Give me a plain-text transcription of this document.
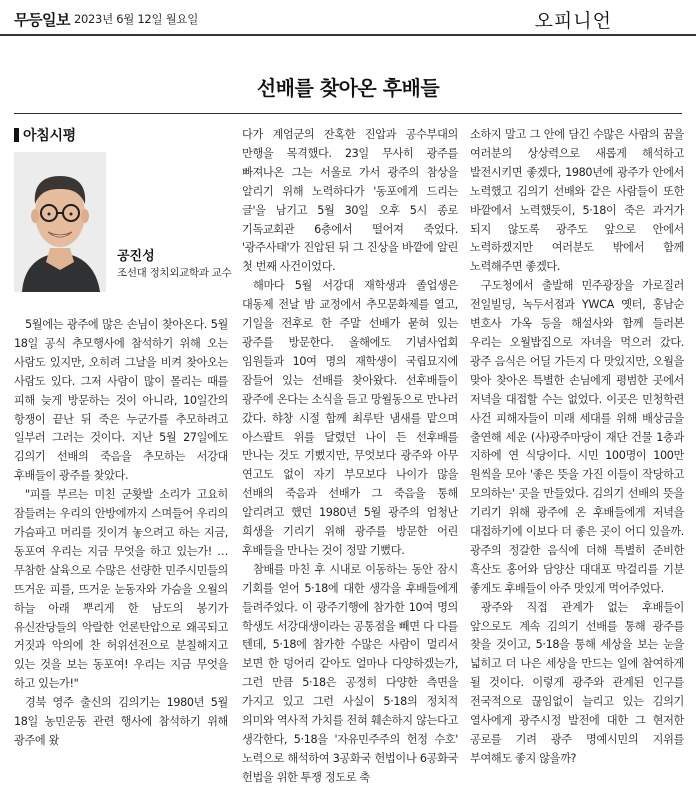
무등일보 2023년 6월 12일 월요일	오피니언
선배를 찾아온 후배들
아침시평
공진성
조선대 정치외교학과 교수

5월에는 광주에 많은 손님이 찾아온다. 5월 18일 공식 추모행사에 참석하기 위해 오는 사람도 있지만, 오히려 그날을 비켜 찾아오는 사람도 있다. 그저 사람이 많이 몰리는 때를 피해 늦게 방문하는 것이 아니라, 10일간의 항쟁이 끝난 뒤 죽은 누군가를 추모하려고 일부러 그러는 것이다. 지난 5월 27일에도 김의기 선배의 죽음을 추모하는 서강대 후배들이 광주를 찾았다.

"피를 부르는 미친 군홧발 소리가 고요히 잠들려는 우리의 안방에까지 스며들어 우리의 가슴파고 머리를 짓이겨 놓으려고 하는 지금, 동포여 우리는 지금 무엇을 하고 있는가! … 무참한 살육으로 수많은 선량한 민주시민들의 뜨거운 피를, 뜨거운 눈동자와 가슴을 오월의 하늘 아래 뿌리게 한 남도의 봉기가 유신잔당들의 악랄한 언론탄압으로 왜곡되고 거짓과 악의에 찬 허위선전으로 분칠해지고 있는 것을 보는 동포여! 우리는 지금 무엇을 하고 있는가!"

경북 영주 출신의 김의기는 1980년 5월 18일 농민운동 관련 행사에 참석하기 위해 광주에 왔

다가 계엄군의 잔혹한 진압과 공수부대의 만행을 목격했다. 23일 무사히 광주를 빠져나온 그는 서울로 가서 광주의 참상을 알리기 위해 노력하다가 '동포에게 드리는 글'을 남기고 5월 30일 오후 5시 종로 기독교회관 6층에서 떨어져 죽었다. '광주사태'가 진압된 뒤 그 진상을 바깥에 알린 첫 번째 사건이었다.

해마다 5월 서강대 재학생과 졸업생은 대동제 전날 밤 교정에서 추모문화제를 열고, 기일을 전후로 한 주말 선배가 묻혀 있는 광주를 방문한다. 올해에도 기념사업회 임원들과 10여 명의 재학생이 국립묘지에 잠들어 있는 선배를 찾아왔다. 선후배들이 광주에 온다는 소식을 듣고 망월동으로 만나러 갔다. 햐창 시절 함께 최루탄 냄새를 맡으며 아스팔트 위를 달렸던 나이 든 선후배를 만나는 것도 기뻤지만, 무엇보다 광주와 아무 연고도 없이 자기 부모보다 나이가 많을 선배의 죽음과 선배가 그 죽음을 통해 알리려고 했던 1980년 5월 광주의 엄청난 희생을 기리기 위해 광주를 방문한 어린 후배들을 만나는 것이 정말 기뻤다.

참배를 마친 후 시내로 이동하는 동안 잠시 기회를 얻어 5·18에 대한 생각을 후배들에게 들려주었다. 이 광주기행에 참가한 10여 명의 학생도 서강대생이라는 공통점을 빼면 다 다를 텐데, 5·18에 참가한 수많은 사람이 멀리서 보면 한 덩어리 같아도 얼마나 다양하겠는가, 그런 만큼 5·18은 공정히 다양한 측면을 가지고 있고 그런 사실이 5·18의 정치적 의미와 역사적 가치를 전혀 훼손하지 않는다고 생각한다, 5·18을 '자유민주주의 헌정 수호' 노력으로 해석하여 3공화국 헌법이나 6공화국 헌법을 위한 투쟁 정도로 축

소하지 말고 그 안에 담긴 수많은 사람의 꿈을 여러분의 상상력으로 새롭게 해석하고 발전시키면 좋겠다, 1980년에 광주가 안에서 노력했고 김의기 선배와 같은 사람들이 또한 바깥에서 노력했듯이, 5·18이 죽은 과거가 되지 않도록 광주도 앞으로 안에서 노력하겠지만 여러분도 밖에서 함께 노력해주면 좋겠다.

구도청에서 출발해 민주광장을 가로질러 전일빌딩, 녹두서점과 YWCA 옛터, 홍남순 변호사 가옥 등을 해설사와 함께 들러본 우리는 오월밥집으로 자녀을 먹으러 갔다. 광주 음식은 어딜 가든지 다 맛있지만, 오월을 맞아 찾아온 특별한 손님에게 평범한 곳에서 저녁을 대접할 수는 없었다. 이곳은 민청학련 사건 피해자들이 미래 세대를 위해 배상금을 출연해 세운 (사)광주마당이 재단 건물 1층과 지하에 연 식당이다. 시민 100명이 100만 원씩을 모아 '좋은 뜻을 가진 이들이 작당하고 모의하는' 곳을 만들었다. 김의기 선배의 뜻을 기리기 위해 광주에 온 후배들에게 저녁을 대접하기에 이보다 더 좋은 곳이 어디 있을까. 광주의 정갈한 음식에 더해 특별히 준비한 흑산도 홍어와 담양산 대대포 막걸리를 기분 좋게도 후배들이 아주 맛있게 먹어주었다.

광주와 직접 관계가 없는 후배들이 앞으로도 계속 김의기 선배를 통해 광주를 찾을 것이고, 5·18을 통해 세상을 보는 눈을 넓히고 더 나은 세상을 만드는 일에 참여하게 될 것이다. 이렇게 광주와 관계된 인구를 전국적으로 끊임없이 늘리고 있는 김의기 열사에게 광주시정 발전에 대한 그 현저한 공로를 기려 광주 명예시민의 지위를 부여해도 좋지 않을까?
